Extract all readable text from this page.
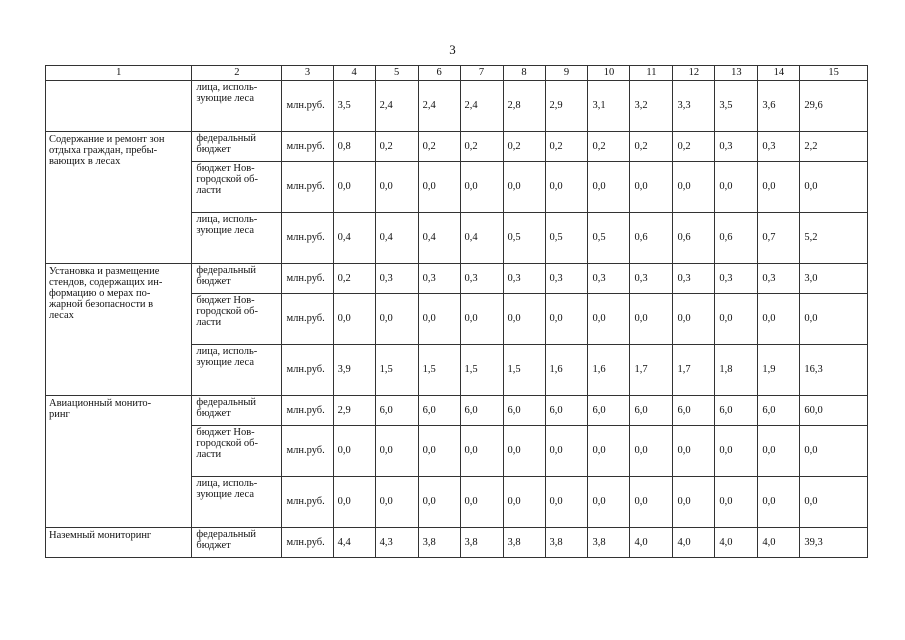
3
1	2	3	4	5	6	7	8	9	10	11	12	13	14	15
	лица, исполь-
зующие леса	млн.руб.	3,5	2,4	2,4	2,4	2,8	2,9	3,1	3,2	3,3	3,5	3,6	29,6
Содержание и ремонт зон
отдыха граждан, пребы-
вающих в лесах	федеральный
бюджет	млн.руб.	0,8	0,2	0,2	0,2	0,2	0,2	0,2	0,2	0,2	0,3	0,3	2,2
	бюджет Нов-
городской об-
ласти	млн.руб.	0,0	0,0	0,0	0,0	0,0	0,0	0,0	0,0	0,0	0,0	0,0	0,0
	лица, исполь-
зующие леса	млн.руб.	0,4	0,4	0,4	0,4	0,5	0,5	0,5	0,6	0,6	0,6	0,7	5,2
Установка и размещение
стендов, содержащих ин-
формацию о мерах по-
жарной безопасности в
лесах	федеральный
бюджет	млн.руб.	0,2	0,3	0,3	0,3	0,3	0,3	0,3	0,3	0,3	0,3	0,3	3,0
	бюджет Нов-
городской об-
ласти	млн.руб.	0,0	0,0	0,0	0,0	0,0	0,0	0,0	0,0	0,0	0,0	0,0	0,0
	лица, исполь-
зующие леса	млн.руб.	3,9	1,5	1,5	1,5	1,5	1,6	1,6	1,7	1,7	1,8	1,9	16,3
Авиационный монито-
ринг	федеральный
бюджет	млн.руб.	2,9	6,0	6,0	6,0	6,0	6,0	6,0	6,0	6,0	6,0	6,0	60,0
	бюджет Нов-
городской об-
ласти	млн.руб.	0,0	0,0	0,0	0,0	0,0	0,0	0,0	0,0	0,0	0,0	0,0	0,0
	лица, исполь-
зующие леса	млн.руб.	0,0	0,0	0,0	0,0	0,0	0,0	0,0	0,0	0,0	0,0	0,0	0,0
Наземный мониторинг	федеральный
бюджет	млн.руб.	4,4	4,3	3,8	3,8	3,8	3,8	3,8	4,0	4,0	4,0	4,0	39,3
